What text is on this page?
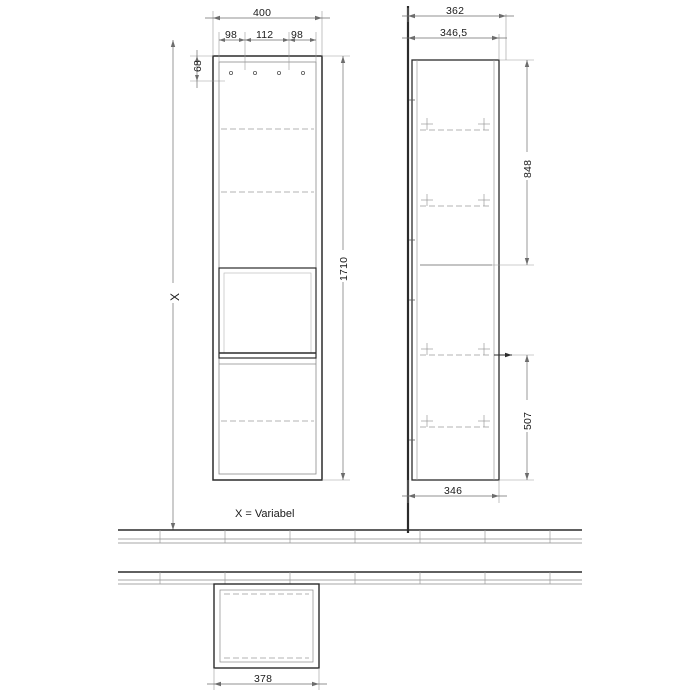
400
98 112 98
68
1710
X
362
346,5
848
507
346
X = Variabel
378
